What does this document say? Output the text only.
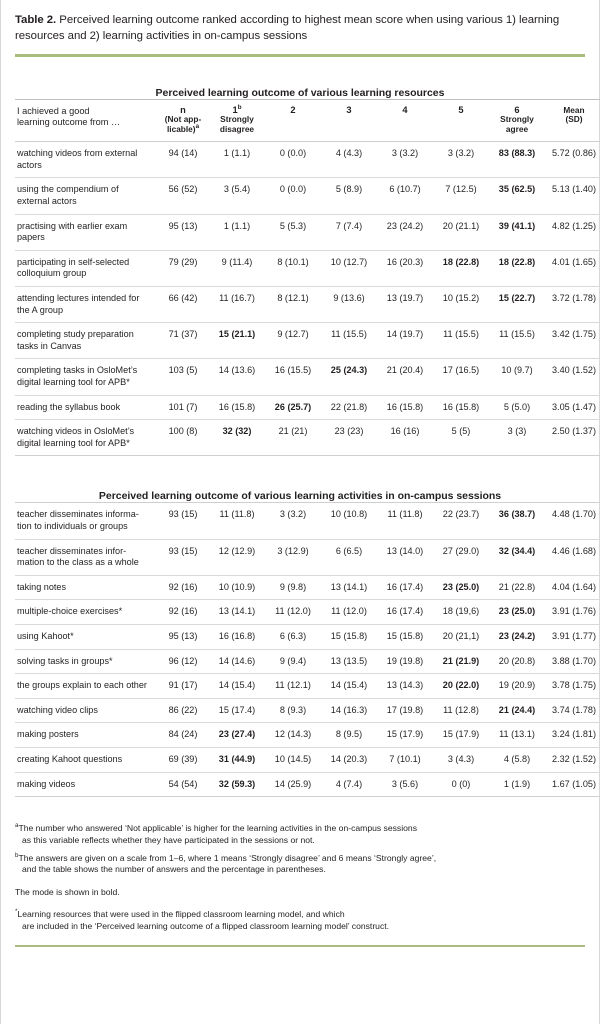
Table 2. Perceived learning outcome ranked according to highest mean score when using various 1) learning resources and 2) learning activities in on-campus sessions
Perceived learning outcome of various learning resources
I achieved a good
learning outcome from …	n
(Not app-
licable)$^a$	1$^b$
Strongly
disagree	2	3	4	5	6
Strongly
agree	Mean
(SD)
watching videos from external actors	94 (14)	1 (1.1)	0 (0.0)	4 (4.3)	3 (3.2)	3 (3.2)	83 (88.3)	5.72 (0.86)
using the compendium of external actors	56 (52)	3 (5.4)	0 (0.0)	5 (8.9)	6 (10.7)	7 (12.5)	35 (62.5)	5.13 (1.40)
practising with earlier exam papers	95 (13)	1 (1.1)	5 (5.3)	7 (7.4)	23 (24.2)	20 (21.1)	39 (41.1)	4.82 (1.25)
participating in self-selected colloquium group	79 (29)	9 (11.4)	8 (10.1)	10 (12.7)	16 (20.3)	18 (22.8)	18 (22.8)	4.01 (1.65)
attending lectures intended for the A group	66 (42)	11 (16.7)	8 (12.1)	9 (13.6)	13 (19.7)	10 (15.2)	15 (22.7)	3.72 (1.78)
completing study preparation tasks in Canvas	71 (37)	15 (21.1)	9 (12.7)	11 (15.5)	14 (19.7)	11 (15.5)	11 (15.5)	3.42 (1.75)
completing tasks in OsloMet’s digital learning tool for APB*	103 (5)	14 (13.6)	16 (15.5)	25 (24.3)	21 (20.4)	17 (16.5)	10 (9.7)	3.40 (1.52)
reading the syllabus book	101 (7)	16 (15.8)	26 (25.7)	22 (21.8)	16 (15.8)	16 (15.8)	5 (5.0)	3.05 (1.47)
watching videos in OsloMet’s digital learning tool for APB*	100 (8)	32 (32)	21 (21)	23 (23)	16 (16)	5 (5)	3 (3)	2.50 (1.37)
Perceived learning outcome of various learning activities in on-campus sessions
teacher disseminates informa-tion to individuals or groups	93 (15)	11 (11.8)	3 (3.2)	10 (10.8)	11 (11.8)	22 (23.7)	36 (38.7)	4.48 (1.70)
teacher disseminates infor-mation to the class as a whole	93 (15)	12 (12.9)	3 (12.9)	6 (6.5)	13 (14.0)	27 (29.0)	32 (34.4)	4.46 (1.68)
taking notes	92 (16)	10 (10.9)	9 (9.8)	13 (14.1)	16 (17.4)	23 (25.0)	21 (22.8)	4.04 (1.64)
multiple-choice exercises*	92 (16)	13 (14.1)	11 (12.0)	11 (12.0)	16 (17.4)	18 (19,6)	23 (25.0)	3.91 (1.76)
using Kahoot*	95 (13)	16 (16.8)	6 (6.3)	15 (15.8)	15 (15.8)	20 (21,1)	23 (24.2)	3.91 (1.77)
solving tasks in groups*	96 (12)	14 (14.6)	9 (9.4)	13 (13.5)	19 (19.8)	21 (21.9)	20 (20.8)	3.88 (1.70)
the groups explain to each other	91 (17)	14 (15.4)	11 (12.1)	14 (15.4)	13 (14.3)	20 (22.0)	19 (20.9)	3.78 (1.75)
watching video clips	86 (22)	15 (17.4)	8 (9.3)	14 (16.3)	17 (19.8)	11 (12.8)	21 (24.4)	3.74 (1.78)
making posters	84 (24)	23 (27.4)	12 (14.3)	8 (9.5)	15 (17.9)	15 (17.9)	11 (13.1)	3.24 (1.81)
creating Kahoot questions	69 (39)	31 (44.9)	10 (14.5)	14 (20.3)	7 (10.1)	3 (4.3)	4 (5.8)	2.32 (1.52)
making videos	54 (54)	32 (59.3)	14 (25.9)	4 (7.4)	3 (5.6)	0 (0)	1 (1.9)	1.67 (1.05)
$^a$The number who answered ‘Not applicable’ is higher for the learning activities in the on-campus sessions
as this variable reflects whether they have participated in the sessions or not.
$^b$The answers are given on a scale from 1–6, where 1 means ‘Strongly disagree’ and 6 means ‘Strongly agree’,
and the table shows the number of answers and the percentage in parentheses.
The mode is shown in bold.
*Learning resources that were used in the flipped classroom learning model, and which
are included in the ‘Perceived learning outcome of a flipped classroom learning model’ construct.
